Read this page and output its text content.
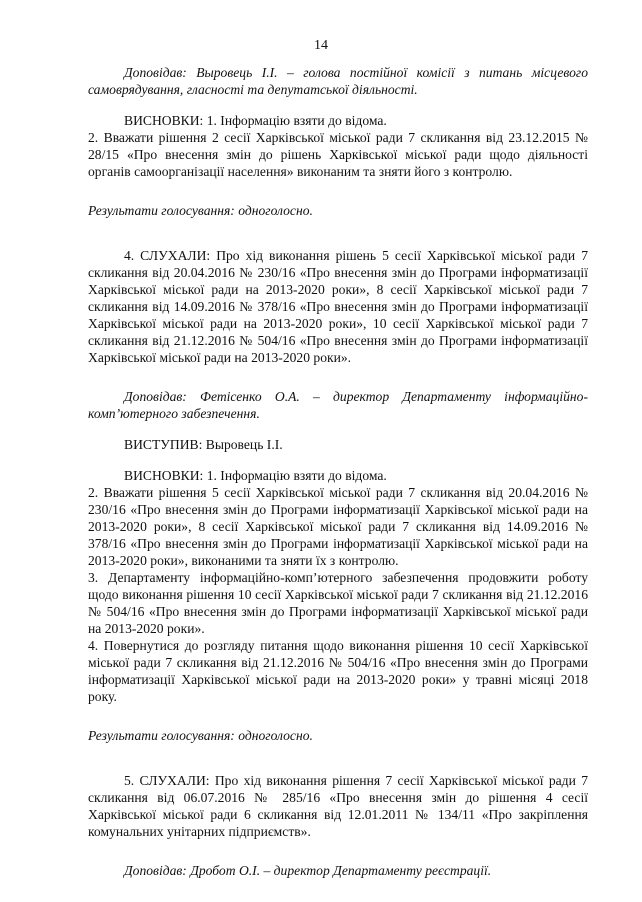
14

Доповідав: Выровець І.І. – голова постійної комісії з питань місцевого самоврядування, гласності та депутатської діяльності.

ВИСНОВКИ: 1. Інформацію взяти до відома.

2. Вважати рішення 2 сесії Харківської міської ради 7 скликання від 23.12.2015 № 28/15 «Про внесення змін до рішень Харківської міської ради щодо діяльності органів самоорганізації населення» виконаним та зняти його з контролю.

Результати голосування: одноголосно.

4. СЛУХАЛИ: Про хід виконання рішень 5 сесії Харківської міської ради 7 скликання від 20.04.2016 № 230/16 «Про внесення змін до Програми інформатизації Харківської міської ради на 2013-2020 роки», 8 сесії Харківської міської ради 7 скликання від 14.09.2016 № 378/16 «Про внесення змін до Програми інформатизації Харківської міської ради на 2013-2020 роки», 10 сесії Харківської міської ради 7 скликання від 21.12.2016 № 504/16 «Про внесення змін до Програми інформатизації Харківської міської ради на 2013-2020 роки».

Доповідав: Фетісенко О.А. – директор Департаменту інформаційно-комп’ютерного забезпечення.

ВИСТУПИВ: Выровець І.І.

ВИСНОВКИ: 1. Інформацію взяти до відома.

2. Вважати рішення 5 сесії Харківської міської ради 7 скликання від 20.04.2016 № 230/16 «Про внесення змін до Програми інформатизації Харківської міської ради на 2013-2020 роки», 8 сесії Харківської міської ради 7 скликання від 14.09.2016 № 378/16 «Про внесення змін до Програми інформатизації Харківської міської ради на 2013-2020 роки», виконаними та зняти їх з контролю.

3. Департаменту інформаційно-комп’ютерного забезпечення продовжити роботу щодо виконання рішення 10 сесії Харківської міської ради 7 скликання від 21.12.2016 № 504/16 «Про внесення змін до Програми інформатизації Харківської міської ради на 2013-2020 роки».

4. Повернутися до розгляду питання щодо виконання рішення 10 сесії Харківської міської ради 7 скликання від 21.12.2016 № 504/16 «Про внесення змін до Програми інформатизації Харківської міської ради на 2013-2020 роки» у травні місяці 2018 року.

Результати голосування: одноголосно.

5. СЛУХАЛИ: Про хід виконання рішення 7 сесії Харківської міської ради 7 скликання від 06.07.2016 № 285/16 «Про внесення змін до рішення 4 сесії Харківської міської ради 6 скликання від 12.01.2011 № 134/11 «Про закріплення комунальних унітарних підприємств».

Доповідав: Дробот О.І. – директор Департаменту реєстрації.
